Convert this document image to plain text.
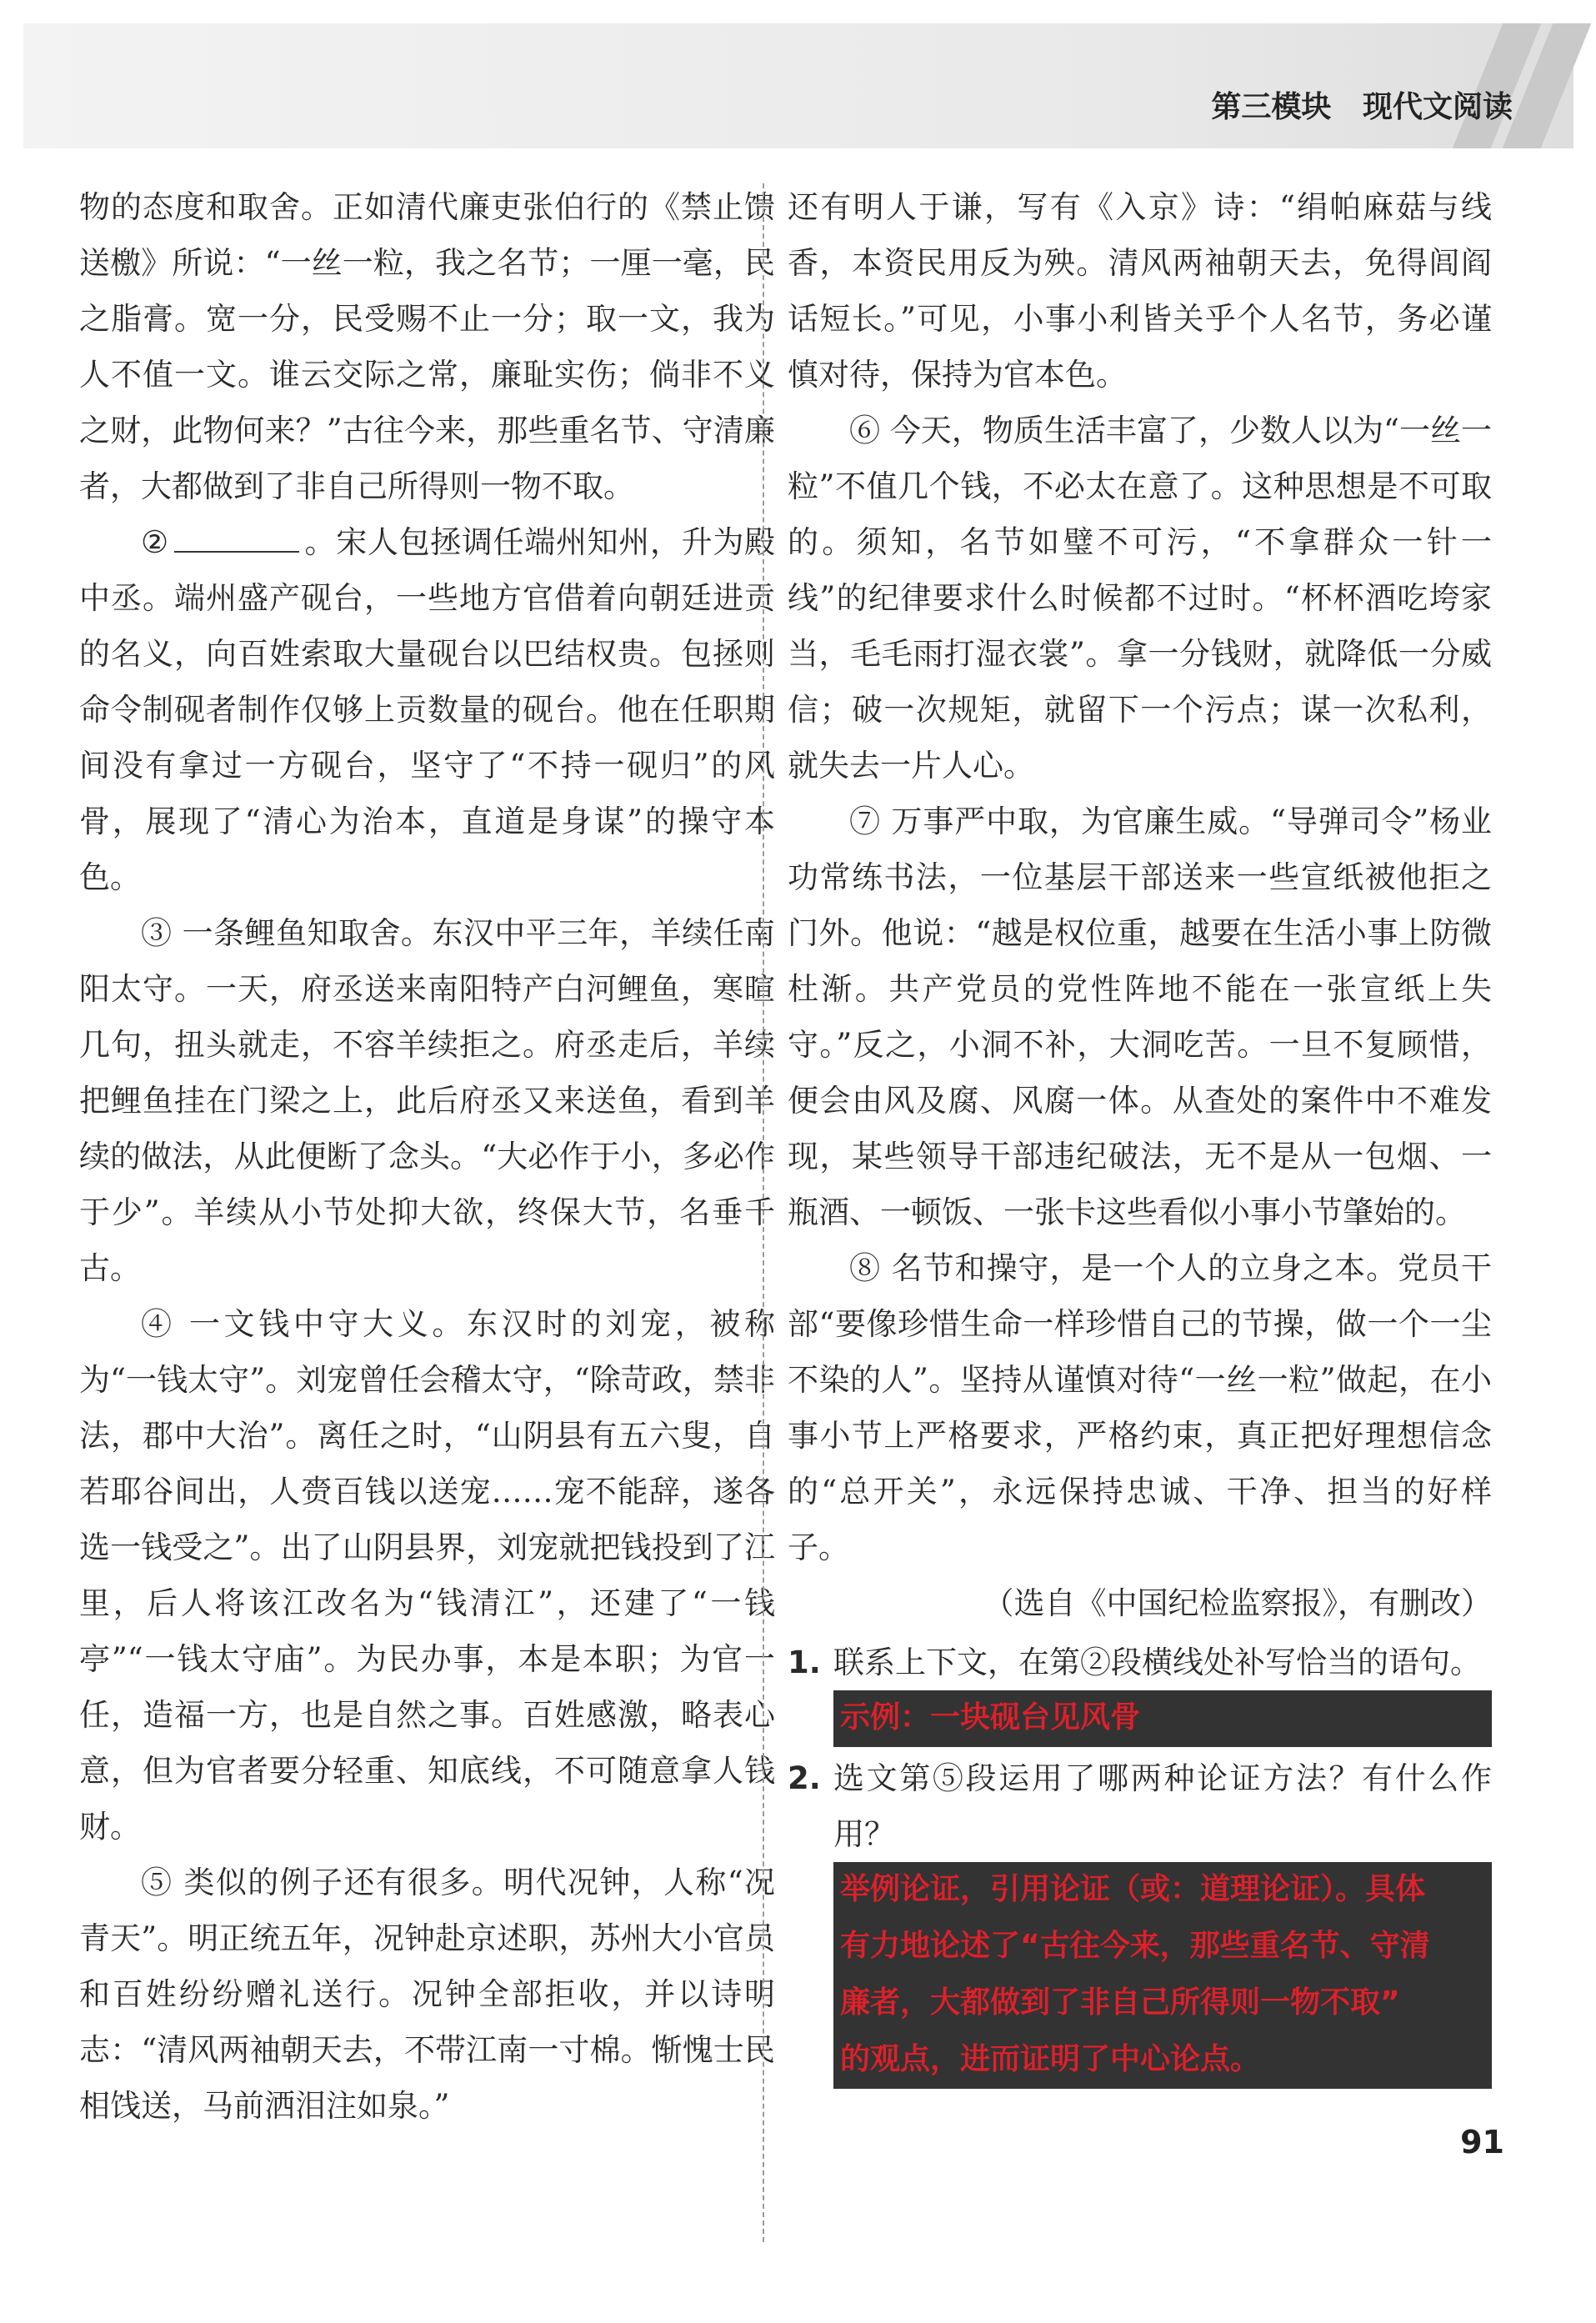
第三模块 现代文阅读

物的态度和取舍。正如清代廉吏张伯行的《禁止馈送檄》所说：“一丝一粒，我之名节；一厘一毫，民之脂膏。宽一分，民受赐不止一分；取一文，我为人不值一文。谁云交际之常，廉耻实伤；倘非不义之财，此物何来？”古往今来，那些重名节、守清廉者，大都做到了非自己所得则一物不取。

②	。宋人包拯调任端州知州，升为殿中丞。端州盛产砚台，一些地方官借着向朝廷进贡的名义，向百姓索取大量砚台以巴结权贵。包拯则命令制砚者制作仅够上贡数量的砚台。他在任职期间没有拿过一方砚台，坚守了“不持一砚归”的风骨，展现了“清心为治本，直道是身谋”的操守本色。

③ 一条鲤鱼知取舍。东汉中平三年，羊续任南阳太守。一天，府丞送来南阳特产白河鲤鱼，寒暄几句，扭头就走，不容羊续拒之。府丞走后，羊续把鲤鱼挂在门梁之上，此后府丞又来送鱼，看到羊续的做法，从此便断了念头。“大必作于小，多必作于少”。羊续从小节处抑大欲，终保大节，名垂千古。

④ 一文钱中守大义。东汉时的刘宠，被称为“一钱太守”。刘宠曾任会稽太守，“除苛政，禁非法，郡中大治”。离任之时，“山阴县有五六叟，自若耶谷间出，人赍百钱以送宠……宠不能辞，遂各选一钱受之”。出了山阴县界，刘宠就把钱投到了江里，后人将该江改名为“钱清江”，还建了“一钱亭”“一钱太守庙”。为民办事，本是本职；为官一任，造福一方，也是自然之事。百姓感激，略表心意，但为官者要分轻重、知底线，不可随意拿人钱财。

⑤ 类似的例子还有很多。明代况钟，人称“况青天”。明正统五年，况钟赴京述职，苏州大小官员和百姓纷纷赠礼送行。况钟全部拒收，并以诗明志：“清风两袖朝天去，不带江南一寸棉。惭愧士民相饯送，马前洒泪注如泉。”

还有明人于谦，写有《入京》诗：“绢帕麻菇与线香，本资民用反为殃。清风两袖朝天去，免得闾阎话短长。”可见，小事小利皆关乎个人名节，务必谨慎对待，保持为官本色。

⑥ 今天，物质生活丰富了，少数人以为“一丝一粒”不值几个钱，不必太在意了。这种思想是不可取的。须知，名节如璧不可污，“不拿群众一针一线”的纪律要求什么时候都不过时。“杯杯酒吃垮家当，毛毛雨打湿衣裳”。拿一分钱财，就降低一分威信；破一次规矩，就留下一个污点；谋一次私利，就失去一片人心。

⑦ 万事严中取，为官廉生威。“导弹司令”杨业功常练书法，一位基层干部送来一些宣纸被他拒之门外。他说：“越是权位重，越要在生活小事上防微杜渐。共产党员的党性阵地不能在一张宣纸上失守。”反之，小洞不补，大洞吃苦。一旦不复顾惜，便会由风及腐、风腐一体。从查处的案件中不难发现，某些领导干部违纪破法，无不是从一包烟、一瓶酒、一顿饭、一张卡这些看似小事小节肇始的。

⑧ 名节和操守，是一个人的立身之本。党员干部“要像珍惜生命一样珍惜自己的节操，做一个一尘不染的人”。坚持从谨慎对待“一丝一粒”做起，在小事小节上严格要求，严格约束，真正把好理想信念的“总开关”，永远保持忠诚、干净、担当的好样子。

（选自《中国纪检监察报》，有删改）

1. 联系上下文，在第②段横线处补写恰当的语句。
示例：一块砚台见风骨
2. 选文第⑤段运用了哪两种论证方法？有什么作用？
举例论证，引用论证（或：道理论证）。具体
有力地论述了“古往今来，那些重名节、守清
廉者，大都做到了非自己所得则一物不取”
的观点，进而证明了中心论点。
91
